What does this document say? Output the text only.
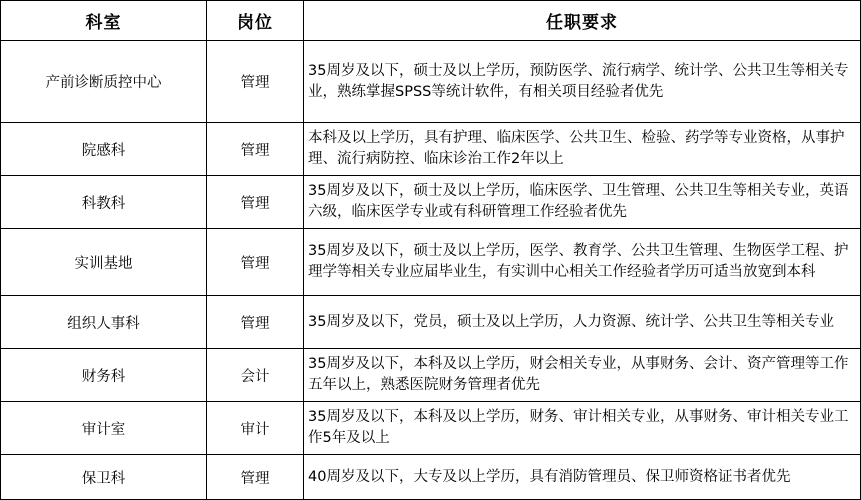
科室	岗位	任职要求
产前诊断质控中心	管理	35周岁及以下，硕士及以上学历，预防医学、流行病学、统计学、公共卫生等相关专业，熟练掌握SPSS等统计软件，有相关项目经验者优先
院感科	管理	本科及以上学历，具有护理、临床医学、公共卫生、检验、药学等专业资格，从事护理、流行病防控、临床诊治工作2年以上
科教科	管理	35周岁及以下，硕士及以上学历，临床医学、卫生管理、公共卫生等相关专业，英语六级，临床医学专业或有科研管理工作经验者优先
实训基地	管理	35周岁及以下，硕士及以上学历，医学、教育学、公共卫生管理、生物医学工程、护理学等相关专业应届毕业生，有实训中心相关工作经验者学历可适当放宽到本科
组织人事科	管理	35周岁及以下，党员，硕士及以上学历，人力资源、统计学、公共卫生等相关专业
财务科	会计	35周岁及以下，本科及以上学历，财会相关专业，从事财务、会计、资产管理等工作五年以上，熟悉医院财务管理者优先
审计室	审计	35周岁及以下，本科及以上学历，财务、审计相关专业，从事财务、审计相关专业工作5年及以上
保卫科	管理	40周岁及以下，大专及以上学历，具有消防管理员、保卫师资格证书者优先
